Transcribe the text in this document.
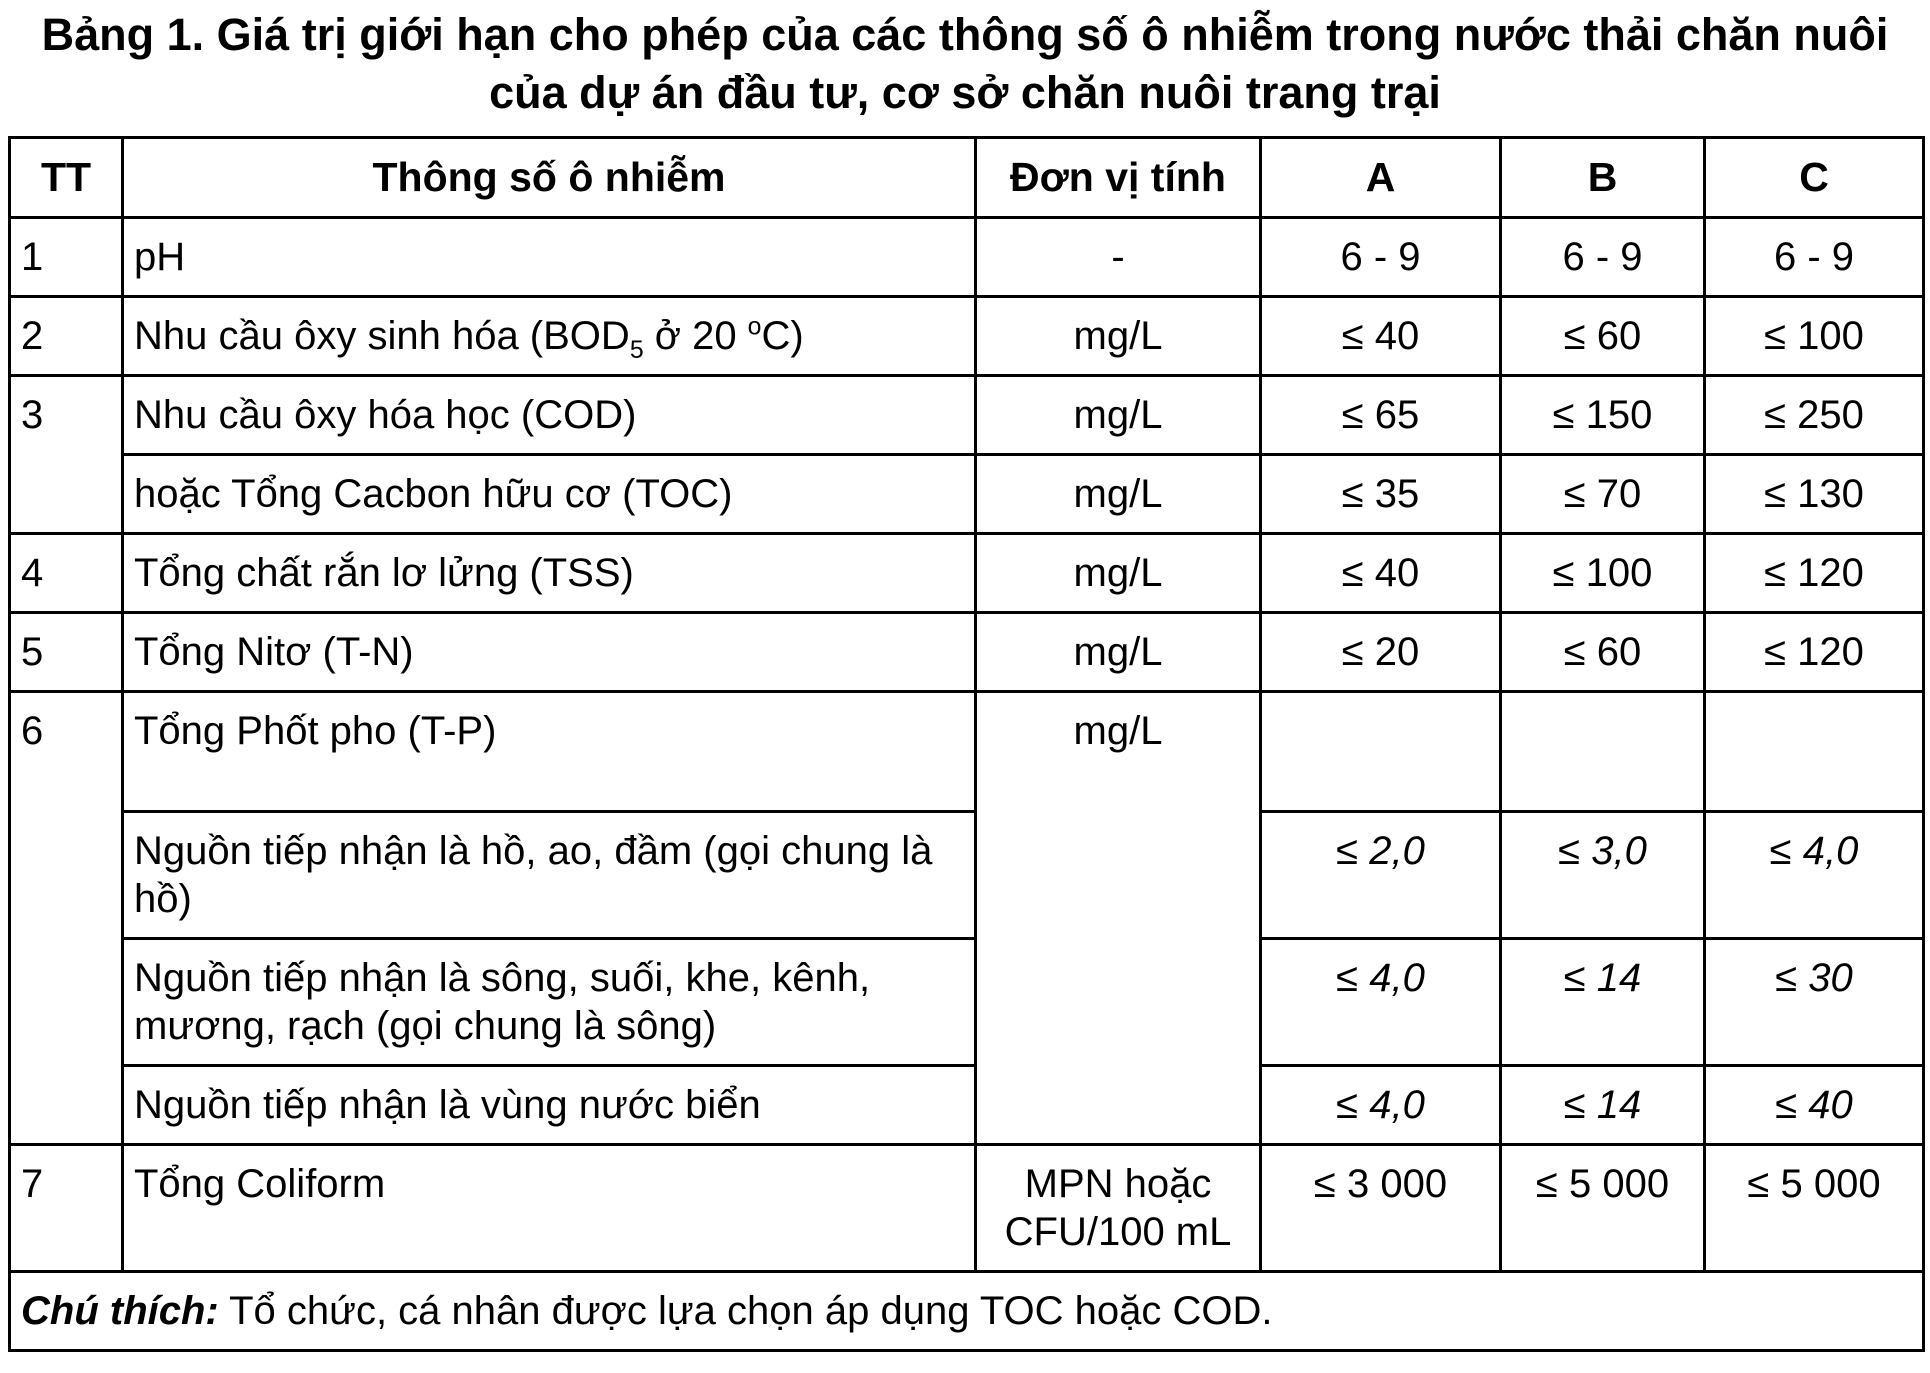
Bảng 1. Giá trị giới hạn cho phép của các thông số ô nhiễm trong nước thải chăn nuôi của dự án đầu tư, cơ sở chăn nuôi trang trại
TT	Thông số ô nhiễm	Đơn vị tính	A	B	C
1	pH	-	6 - 9	6 - 9	6 - 9
2	Nhu cầu ôxy sinh hóa ($BOD_5$ ở 20 $^o$C)	mg/L	≤ 40	≤ 60	≤ 100
3	Nhu cầu ôxy hóa học (COD)	mg/L	≤ 65	≤ 150	≤ 250
	hoặc Tổng Cacbon hữu cơ (TOC)	mg/L	≤ 35	≤ 70	≤ 130
4	Tổng chất rắn lơ lửng (TSS)	mg/L	≤ 40	≤ 100	≤ 120
5	Tổng Nitơ (T-N)	mg/L	≤ 20	≤ 60	≤ 120
6	Tổng Phốt pho (T-P)	mg/L			
	Nguồn tiếp nhận là hồ, ao, đầm (gọi chung là hồ)		≤ 2,0	≤ 3,0	≤ 4,0
	Nguồn tiếp nhận là sông, suối, khe, kênh, mương, rạch (gọi chung là sông)		≤ 4,0	≤ 14	≤ 30
	Nguồn tiếp nhận là vùng nước biển		≤ 4,0	≤ 14	≤ 40
7	Tổng Coliform	MPN hoặc CFU/100 mL	≤ 3 000	≤ 5 000	≤ 5 000
Chú thích: Tổ chức, cá nhân được lựa chọn áp dụng TOC hoặc COD.					
